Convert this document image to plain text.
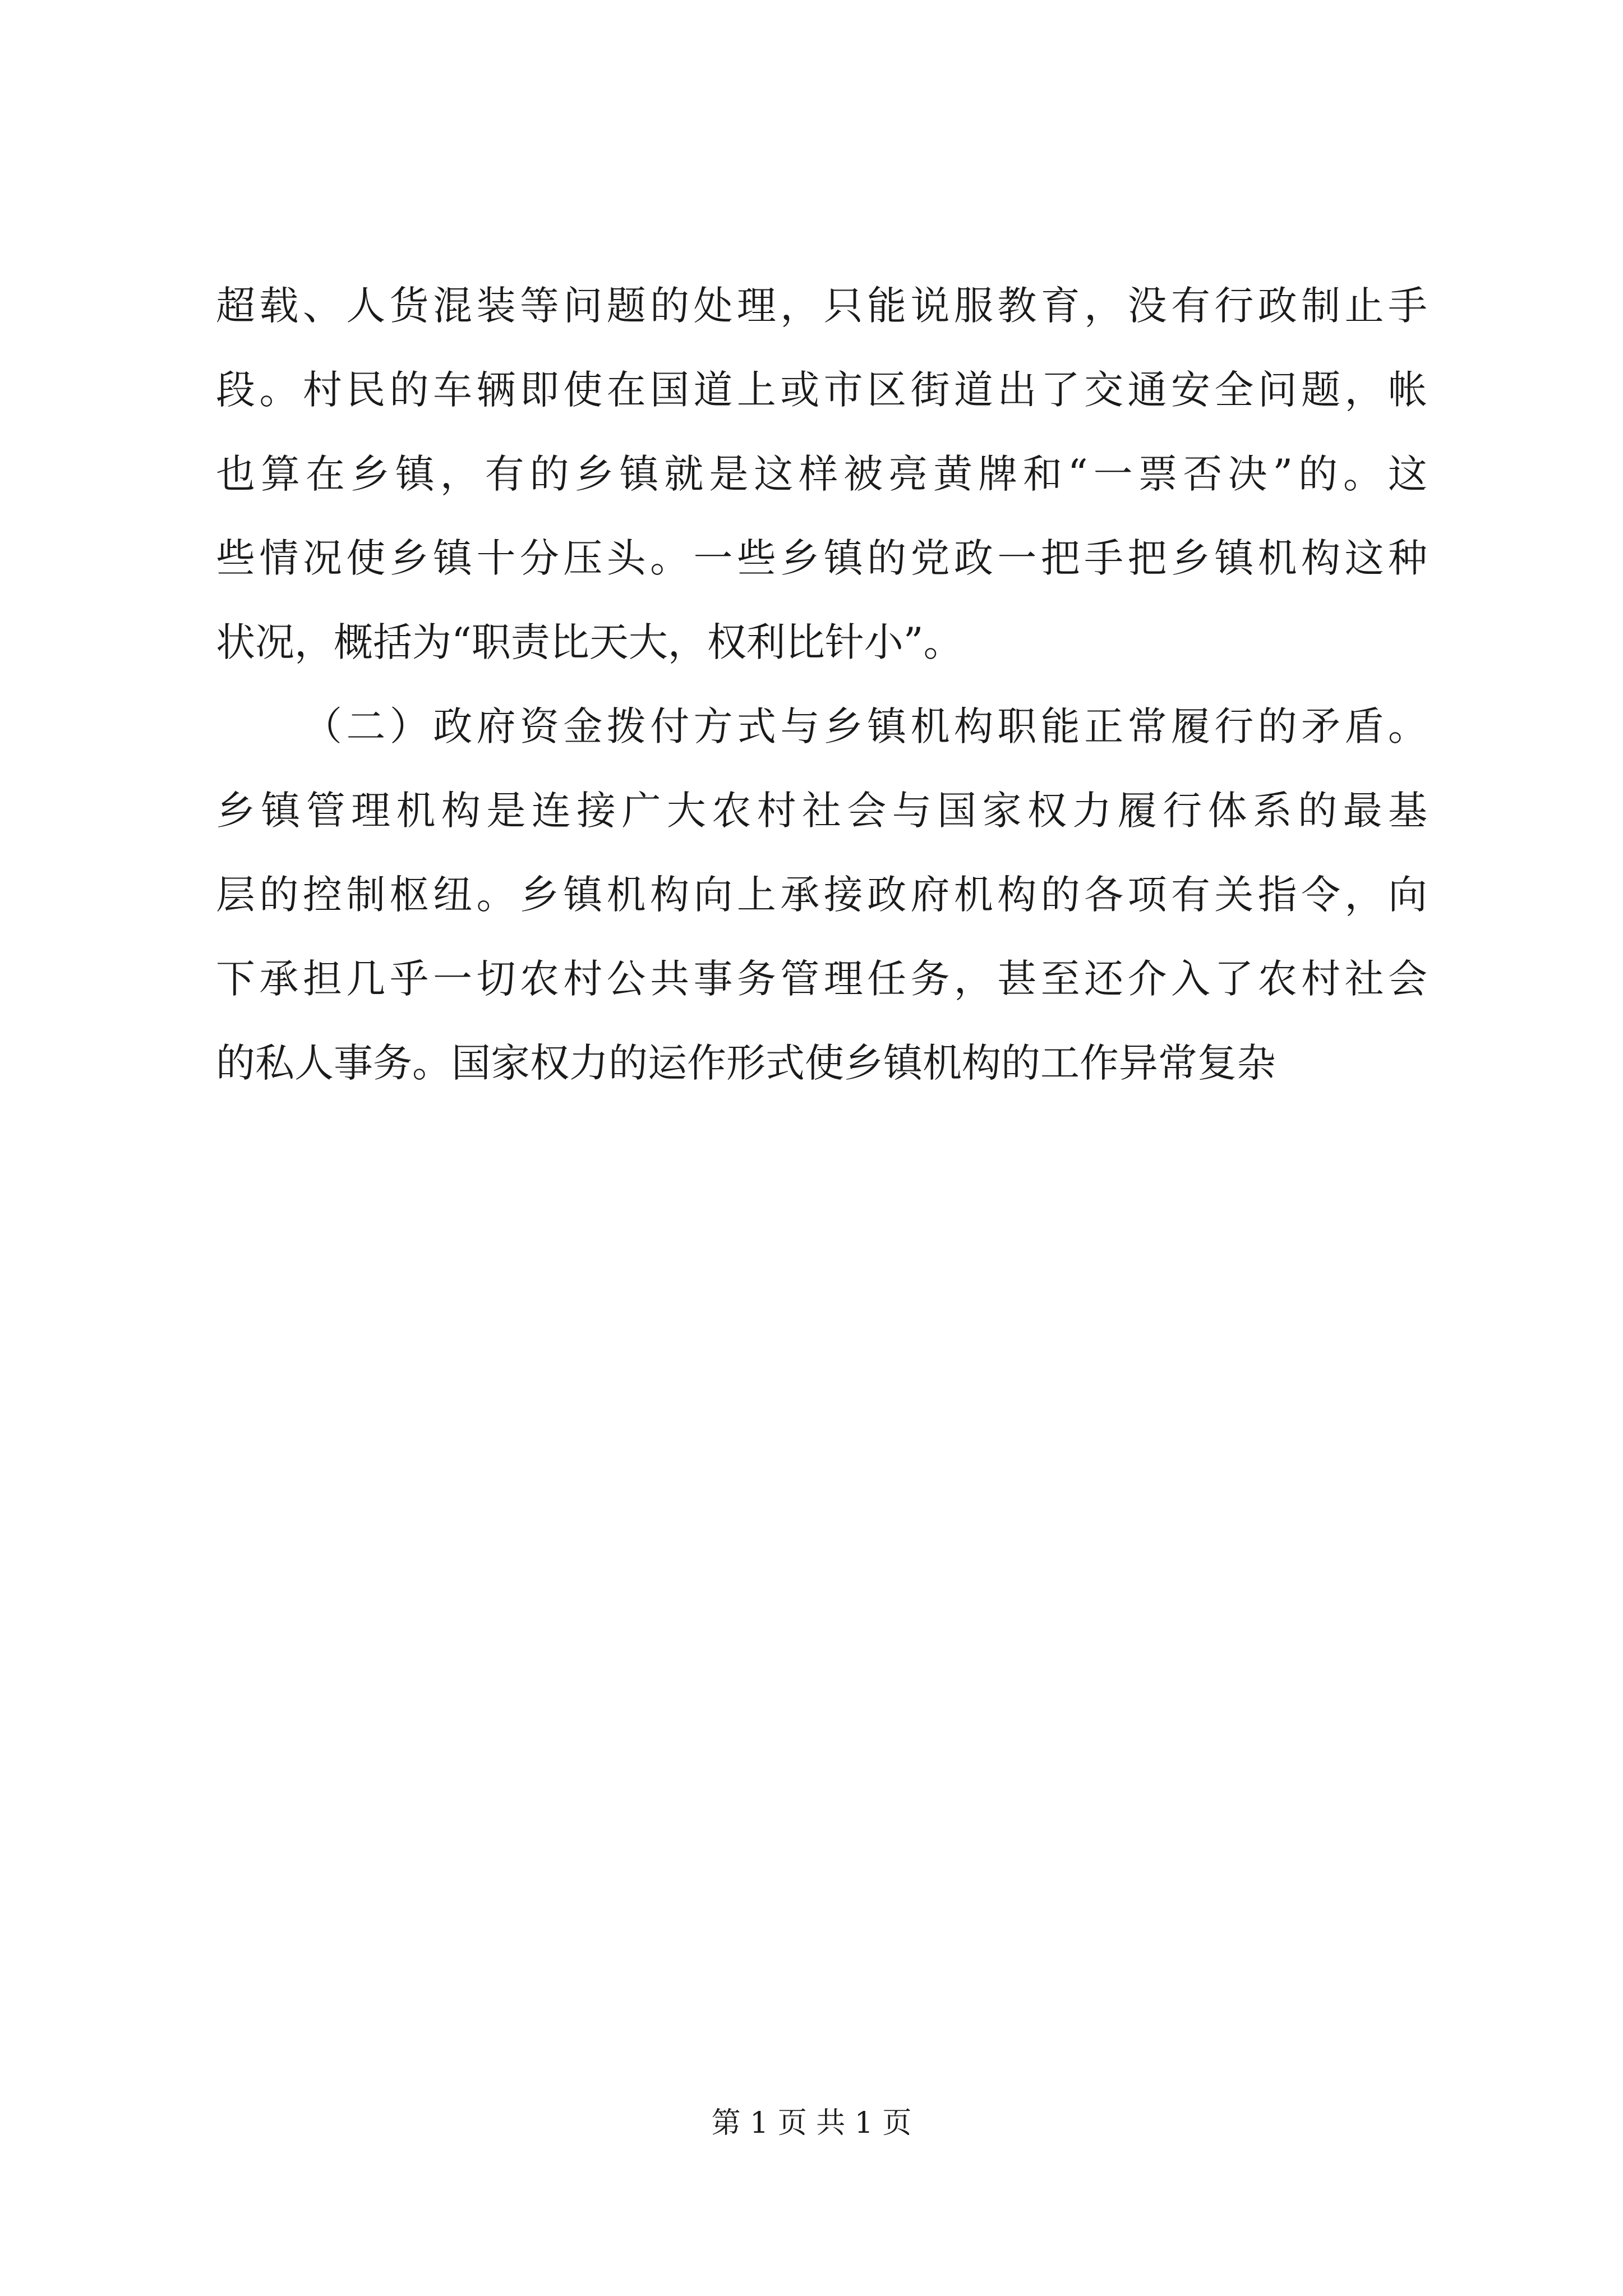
超载、人货混装等问题的处理，只能说服教育，没有行政制止手
段。村民的车辆即使在国道上或市区街道出了交通安全问题，帐
也算在乡镇，有的乡镇就是这样被亮黄牌和“一票否决”的。这
些情况使乡镇十分压头。一些乡镇的党政一把手把乡镇机构这种
状况，概括为“职责比天大，权利比针小”。
（二）政府资金拨付方式与乡镇机构职能正常履行的矛盾。
乡镇管理机构是连接广大农村社会与国家权力履行体系的最基
层的控制枢纽。乡镇机构向上承接政府机构的各项有关指令，向
下承担几乎一切农村公共事务管理任务，甚至还介入了农村社会
的私人事务。国家权力的运作形式使乡镇机构的工作异常复杂
第 1 页 共 1 页
